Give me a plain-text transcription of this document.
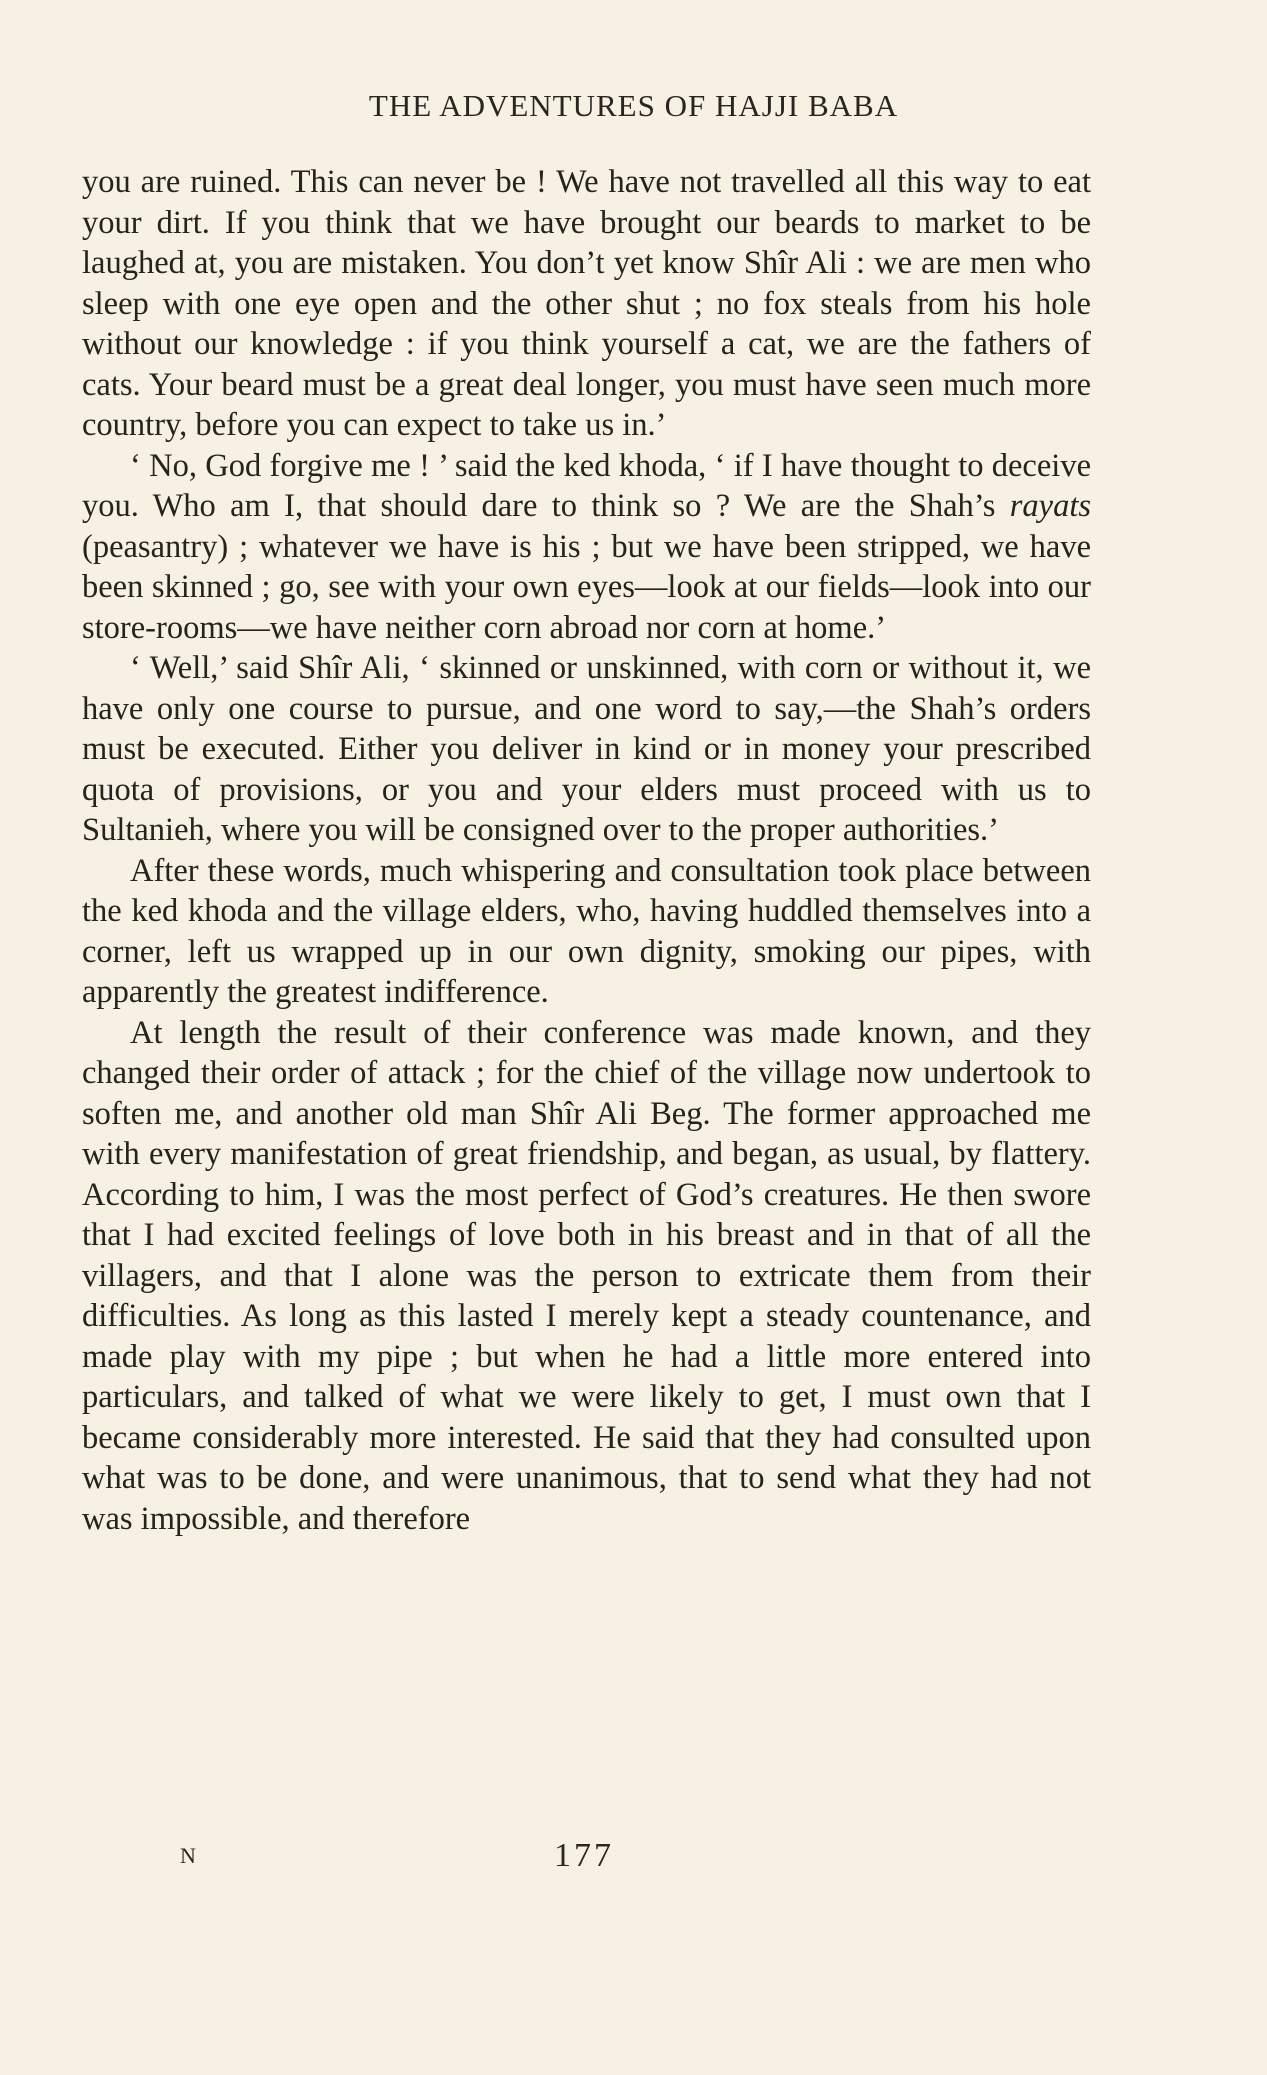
THE ADVENTURES OF HAJJI BABA

you are ruined. This can never be ! We have not travelled all this way to eat your dirt. If you think that we have brought our beards to market to be laughed at, you are mistaken. You don’t yet know Shîr Ali : we are men who sleep with one eye open and the other shut ; no fox steals from his hole without our knowledge : if you think yourself a cat, we are the fathers of cats. Your beard must be a great deal longer, you must have seen much more country, before you can expect to take us in.’

‘ No, God forgive me ! ’ said the ked khoda, ‘ if I have thought to deceive you. Who am I, that should dare to think so ? We are the Shah’s rayats (peasantry) ; whatever we have is his ; but we have been stripped, we have been skinned ; go, see with your own eyes—look at our fields—look into our store-rooms—we have neither corn abroad nor corn at home.’

‘ Well,’ said Shîr Ali, ‘ skinned or unskinned, with corn or without it, we have only one course to pursue, and one word to say,—the Shah’s orders must be executed. Either you deliver in kind or in money your prescribed quota of provisions, or you and your elders must proceed with us to Sultanieh, where you will be consigned over to the proper authorities.’

After these words, much whispering and consultation took place between the ked khoda and the village elders, who, having huddled themselves into a corner, left us wrapped up in our own dignity, smoking our pipes, with apparently the greatest indifference.

At length the result of their conference was made known, and they changed their order of attack ; for the chief of the village now undertook to soften me, and another old man Shîr Ali Beg. The former approached me with every manifestation of great friendship, and began, as usual, by flattery. According to him, I was the most perfect of God’s creatures. He then swore that I had excited feelings of love both in his breast and in that of all the villagers, and that I alone was the person to extricate them from their difficulties. As long as this lasted I merely kept a steady countenance, and made play with my pipe ; but when he had a little more entered into particulars, and talked of what we were likely to get, I must own that I became considerably more interested. He said that they had consulted upon what was to be done, and were unanimous, that to send what they had not was impossible, and therefore

N	177
